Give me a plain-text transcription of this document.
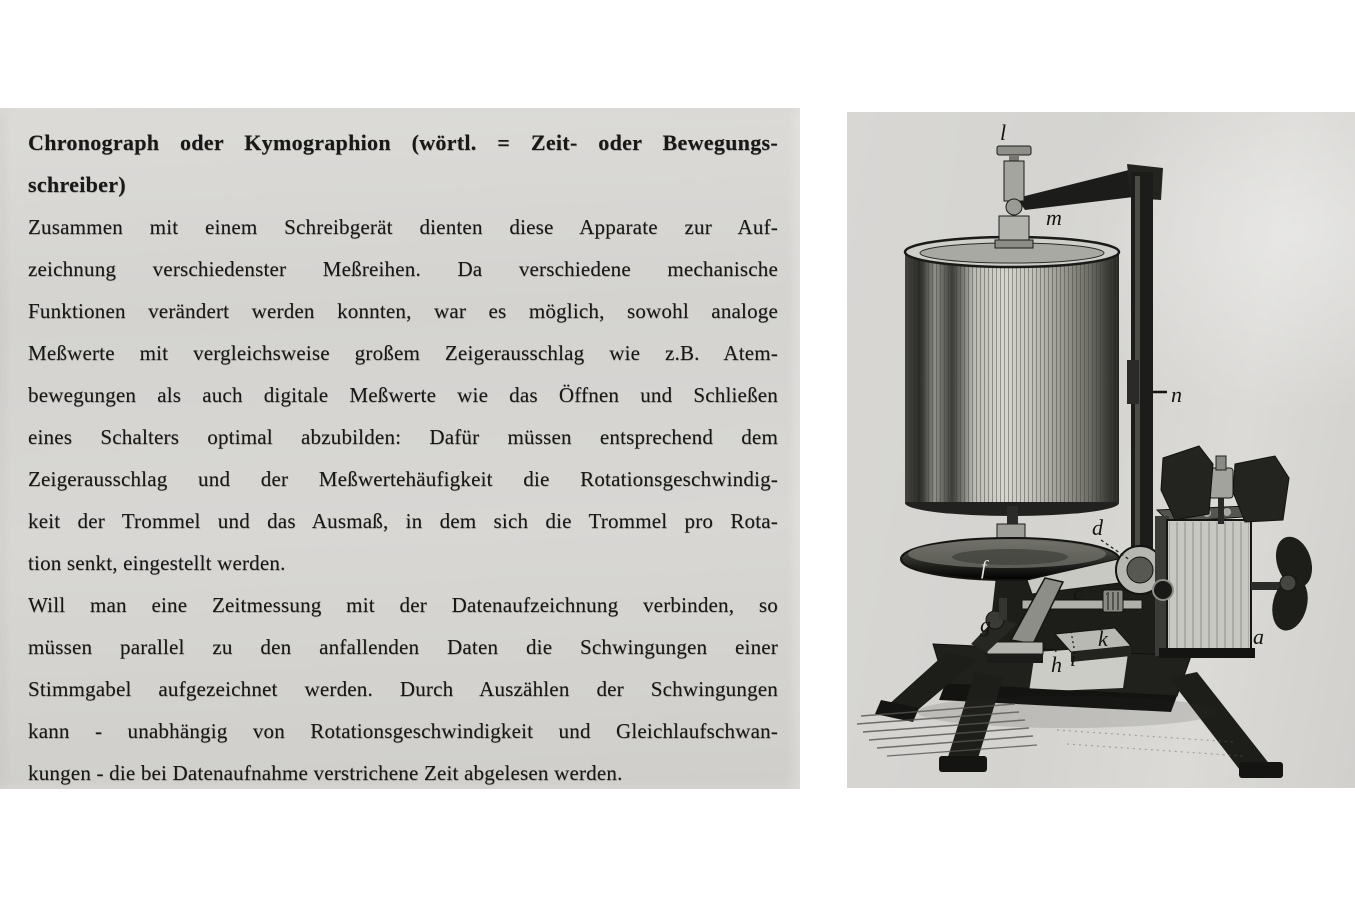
Chronograph oder Kymographion (wörtl. = Zeit- oder Bewegungs-
schreiber)
Zusammen mit einem Schreibgerät dienten diese Apparate zur Auf-
zeichnung verschiedenster Meßreihen. Da verschiedene mechanische
Funktionen verändert werden konnten, war es möglich, sowohl analoge
Meßwerte mit vergleichsweise großem Zeigerausschlag wie z.B. Atem-
bewegungen als auch digitale Meßwerte wie das Öffnen und Schließen
eines Schalters optimal abzubilden: Dafür müssen entsprechend dem
Zeigerausschlag und der Meßwertehäufigkeit die Rotationsgeschwindig-
keit der Trommel und das Ausmaß, in dem sich die Trommel pro Rota-
tion senkt, eingestellt werden.
Will man eine Zeitmessung mit der Datenaufzeichnung verbinden, so
müssen parallel zu den anfallenden Daten die Schwingungen einer
Stimmgabel aufgezeichnet werden. Durch Auszählen der Schwingungen
kann - unabhängig von Rotationsgeschwindigkeit und Gleichlaufschwan-
kungen - die bei Datenaufnahme verstrichene Zeit abgelesen werden.
l
m
n
d
f
c
g
h i
k	a
